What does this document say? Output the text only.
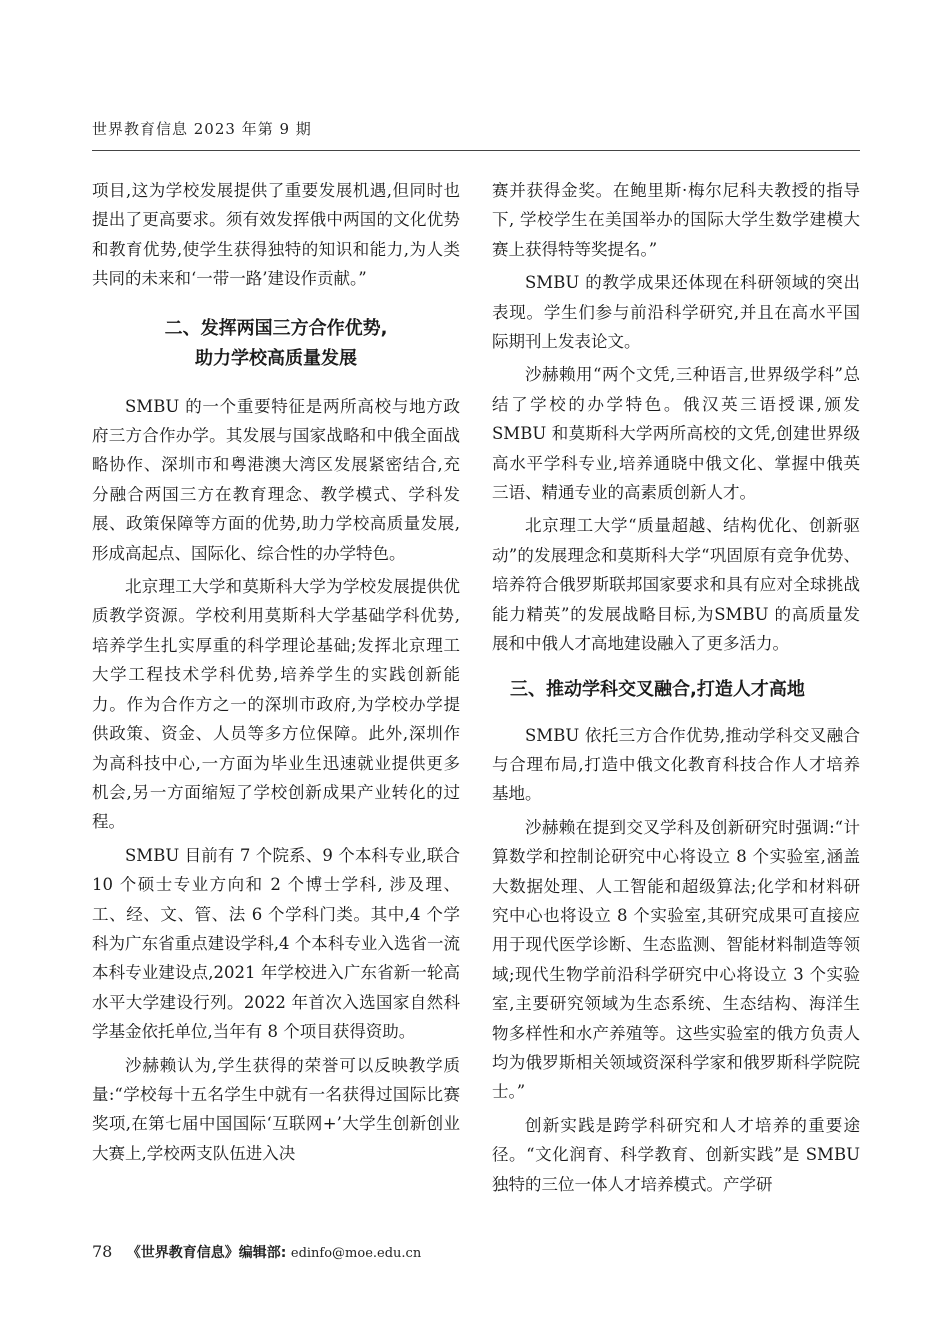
世界教育信息 2023 年第 9 期

项目,这为学校发展提供了重要发展机遇,但同时也提出了更高要求。须有效发挥俄中两国的文化优势和教育优势,使学生获得独特的知识和能力,为人类共同的未来和‘一带一路’建设作贡献。”

二、发挥两国三方合作优势,
助力学校高质量发展

SMBU 的一个重要特征是两所高校与地方政府三方合作办学。其发展与国家战略和中俄全面战略协作、深圳市和粤港澳大湾区发展紧密结合,充分融合两国三方在教育理念、教学模式、学科发展、政策保障等方面的优势,助力学校高质量发展,形成高起点、国际化、综合性的办学特色。

北京理工大学和莫斯科大学为学校发展提供优质教学资源。学校利用莫斯科大学基础学科优势,培养学生扎实厚重的科学理论基础;发挥北京理工大学工程技术学科优势,培养学生的实践创新能力。作为合作方之一的深圳市政府,为学校办学提供政策、资金、人员等多方位保障。此外,深圳作为高科技中心,一方面为毕业生迅速就业提供更多机会,另一方面缩短了学校创新成果产业转化的过程。

SMBU 目前有 7 个院系、9 个本科专业,联合 10 个硕士专业方向和 2 个博士学科, 涉及理、工、经、文、管、法 6 个学科门类。其中,4 个学科为广东省重点建设学科,4 个本科专业入选省一流本科专业建设点,2021 年学校进入广东省新一轮高水平大学建设行列。2022 年首次入选国家自然科学基金依托单位,当年有 8 个项目获得资助。

沙赫赖认为,学生获得的荣誉可以反映教学质量:“学校每十五名学生中就有一名获得过国际比赛奖项,在第七届中国国际‘互联网+’大学生创新创业大赛上,学校两支队伍进入决

赛并获得金奖。在鲍里斯·梅尔尼科夫教授的指导下, 学校学生在美国举办的国际大学生数学建模大赛上获得特等奖提名。”

SMBU 的教学成果还体现在科研领域的突出表现。学生们参与前沿科学研究,并且在高水平国际期刊上发表论文。

沙赫赖用“两个文凭,三种语言,世界级学科”总结了学校的办学特色。俄汉英三语授课,颁发 SMBU 和莫斯科大学两所高校的文凭,创建世界级高水平学科专业,培养通晓中俄文化、掌握中俄英三语、精通专业的高素质创新人才。

北京理工大学“质量超越、结构优化、创新驱动”的发展理念和莫斯科大学“巩固原有竞争优势、培养符合俄罗斯联邦国家要求和具有应对全球挑战能力精英”的发展战略目标,为SMBU 的高质量发展和中俄人才高地建设融入了更多活力。

三、推动学科交叉融合,打造人才高地

SMBU 依托三方合作优势,推动学科交叉融合与合理布局,打造中俄文化教育科技合作人才培养基地。

沙赫赖在提到交叉学科及创新研究时强调:“计算数学和控制论研究中心将设立 8 个实验室,涵盖大数据处理、人工智能和超级算法;化学和材料研究中心也将设立 8 个实验室,其研究成果可直接应用于现代医学诊断、生态监测、智能材料制造等领域;现代生物学前沿科学研究中心将设立 3 个实验室,主要研究领域为生态系统、生态结构、海洋生物多样性和水产养殖等。这些实验室的俄方负责人均为俄罗斯相关领域资深科学家和俄罗斯科学院院士。”

创新实践是跨学科研究和人才培养的重要途径。“文化润育、科学教育、创新实践”是 SMBU 独特的三位一体人才培养模式。产学研

78 《世界教育信息》编辑部: edinfo@moe.edu.cn
